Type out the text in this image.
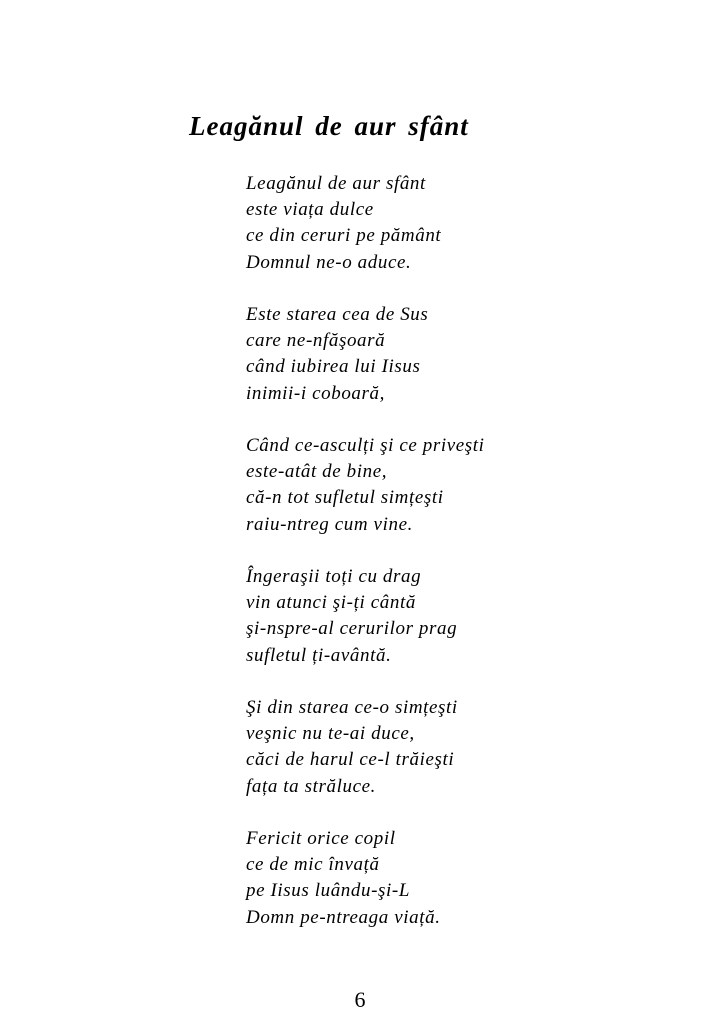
Leagănul de aur sfânt
Leagănul de aur sfânt
este viața dulce
ce din ceruri pe pământ
Domnul ne-o aduce.
Este starea cea de Sus
care ne-nfăşoară
când iubirea lui Iisus
inimii-i coboară,
Când ce-asculți şi ce priveşti
este-atât de bine,
că-n tot sufletul simțeşti
raiu-ntreg cum vine.
Îngeraşii toți cu drag
vin atunci şi-ți cântă
şi-nspre-al cerurilor prag
sufletul ți-avântă.
Şi din starea ce-o simțeşti
veşnic nu te-ai duce,
căci de harul ce-l trăieşti
fața ta străluce.
Fericit orice copil
ce de mic învață
pe Iisus luându-şi-L
Domn pe-ntreaga viață.
6
